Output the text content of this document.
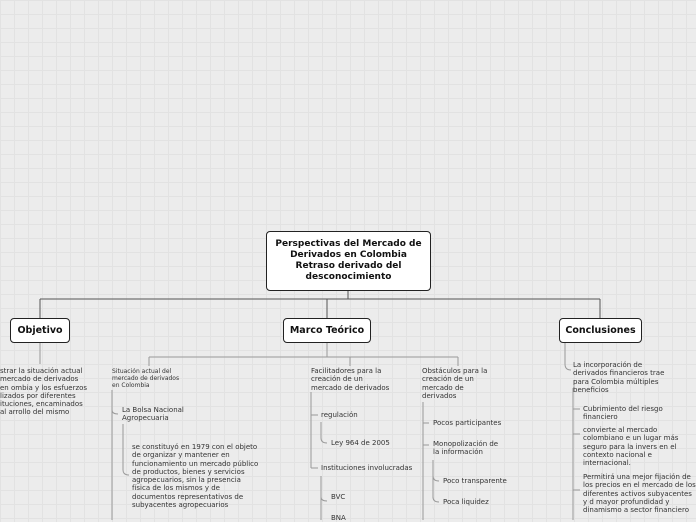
Perspectivas del Mercado de Derivados en Colombia Retraso derivado del desconocimiento
Objetivo	Marco Teórico	Conclusiones
strar la situación actual mercado de derivados en ombia y los esfuerzos lizados por diferentes ituciones, encaminados al arrollo del mismo
Situación actual del mercado de derivados en Colombia
La Bolsa Nacional Agropecuaria
se constituyó en 1979 con el objeto de organizar y mantener en funcionamiento un mercado público de productos, bienes y servicios agropecuarios, sin la presencia física de los mismos y de documentos representativos de subyacentes agropecuarios
Facilitadores para la creación de un mercado de derivados
regulación
Ley 964 de 2005
Instituciones involucradas
BVC
BNA
Obstáculos para la creación de un mercado de derivados
Pocos participantes
Monopolización de la información
Poco transparente
Poca liquidez
La incorporación de derivados financieros trae para Colombia múltiples beneficios
Cubrimiento del riesgo financiero
convierte al mercado colombiano e un lugar más seguro para la invers en el contexto nacional e internacional.
Permitirá una mejor fijación de los precios en el mercado de los diferentes activos subyacentes y d mayor profundidad y dinamismo a sector financiero
